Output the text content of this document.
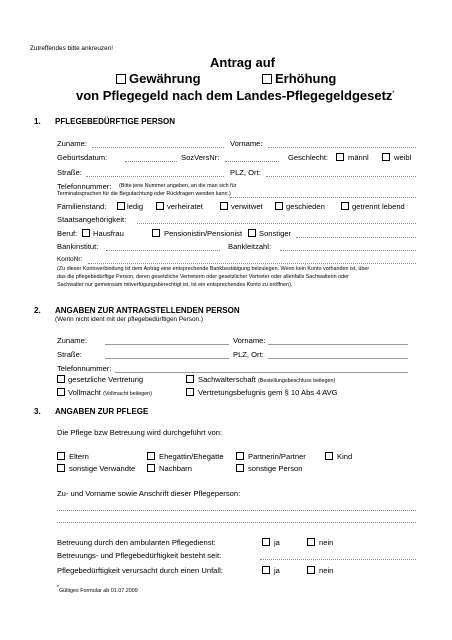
Zutreffendes bitte ankreuzen!
Antrag auf
Gewährung	Erhöhung
von Pflegegeld nach dem Landes-Pflegegeldgesetz*
1. PFLEGEBEDÜRFTIGE PERSON
Zuname:	Vorname:
Geburtsdatum:	SozVersNr:	Geschlecht:	männl	weibl
Straße:	PLZ, Ort:
Telefonnummer: (Bitte jene Nummer angeben, an die man sich für
Terminabsprachen für die Begutachtung oder Rückfragen wenden kann.)
Familienstand:	ledig	verheiratet	verwitwet	geschieden	getrennt lebend
Staatsangehörigkeit:
Beruf: Hausfrau	Pensionistin/Pensionist Sonstiger
Bankinstitut:	Bankleitzahl:
KontoNr:
(Zu dieser Kontoverbindung ist dem Antrag eine entsprechende Bankbestätigung beizulegen. Wenn kein Konto vorhanden ist, über
das die pflegebedürftige Person, deren gesetzliche Vertreterin oder gesetzlicher Vertreter oder allenfalls Sachwalterin oder
Sachwalter nur gemeinsam mitverfügungsberechtigt ist, ist ein entsprechendes Konto zu eröffnen).
2. ANGABEN ZUR ANTRAGSTELLENDEN PERSON
(Wenn nicht ident mit der pflegebedürftigen Person.)
Zuname:	Vorname:
Straße:	PLZ, Ort:
Telefonnummer:
gesetzliche Vertretung	Sachwalterschaft (Bestellungsbeschluss beilegen)
Vollmacht (Vollmacht beilegen)	Vertretungsbefugnis gem § 10 Abs 4 AVG
3. ANGABEN ZUR PFLEGE
Die Pflege bzw Betreuung wird durchgeführt von:
Eltern	Ehegattin/Ehegatte	Partnerin/Partner	Kind
sonstige Verwandte	Nachbarn	sonstige Person
Zu- und Vorname sowie Anschrift dieser Pflegeperson:
Betreuung durch den ambulanten Pflegedienst:	ja	nein
Betreuungs- und Pflegebedürftigkeit besteht seit:
Pflegebedürftigkeit verursacht durch einen Unfall:	ja	nein
*Gültiges Formular ab 01.07.2009
